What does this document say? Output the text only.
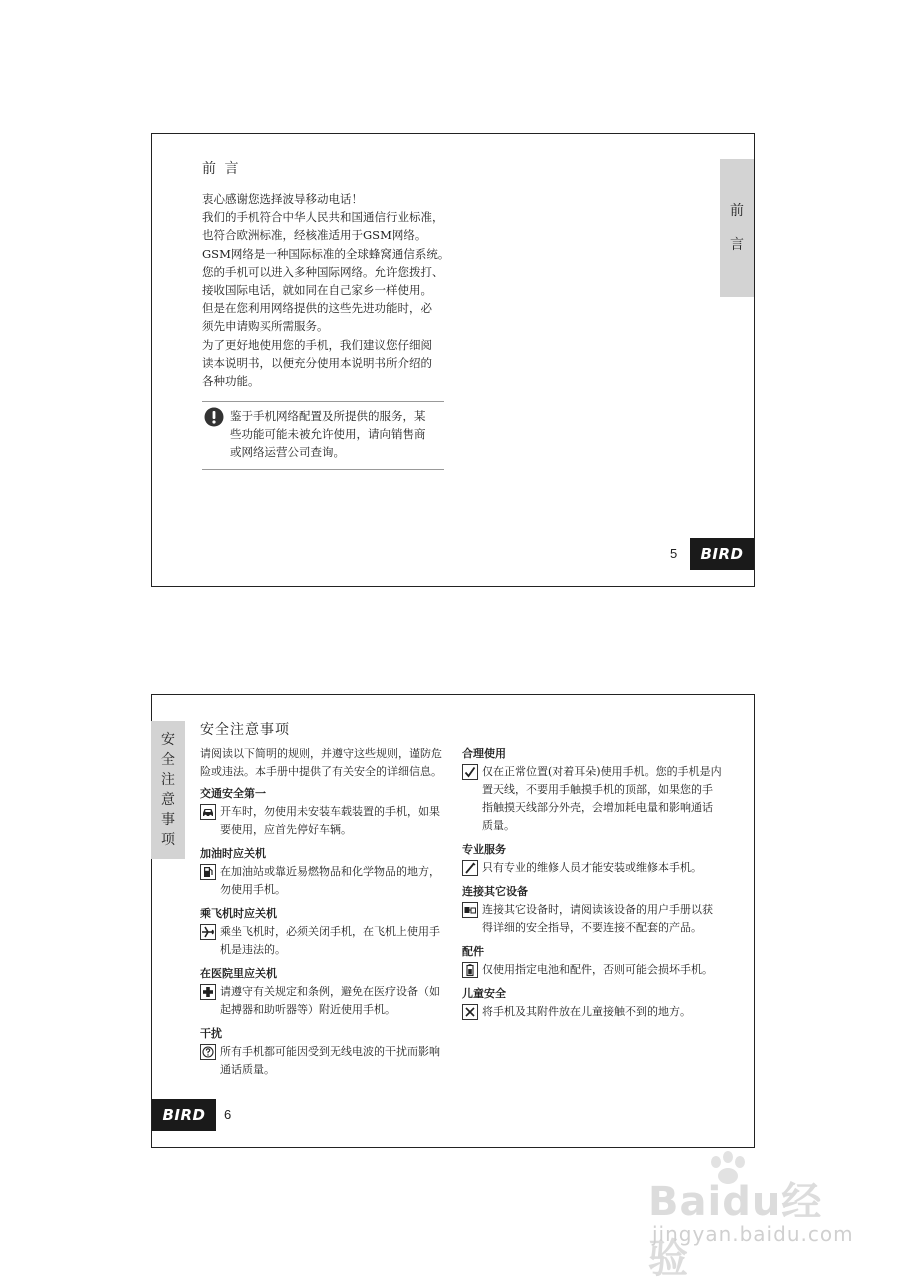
前
言
前 言

衷心感谢您选择波导移动电话！

我们的手机符合中华人民共和国通信行业标准，

也符合欧洲标准，经核准适用于GSM网络。

GSM网络是一种国际标准的全球蜂窝通信系统。

您的手机可以进入多种国际网络。允许您拨打、

接收国际电话，就如同在自己家乡一样使用。

但是在您利用网络提供的这些先进功能时，必

须先申请购买所需服务。

为了更好地使用您的手机，我们建议您仔细阅

读本说明书，以便充分使用本说明书所介绍的

各种功能。

鉴于手机网络配置及所提供的服务，某
些功能可能未被允许使用，请向销售商
或网络运营公司查询。
5	BIRD
安
全
注
意
事
项
安全注意事项

请阅读以下简明的规则，并遵守这些规则，谨防危险或违法。本手册中提供了有关安全的详细信息。

交通安全第一
开车时，勿使用未安装车载装置的手机，如果要使用，应首先停好车辆。
加油时应关机
在加油站或靠近易燃物品和化学物品的地方，勿使用手机。
乘飞机时应关机
乘坐飞机时，必须关闭手机，在飞机上使用手机是违法的。
在医院里应关机
请遵守有关规定和条例，避免在医疗设备（如起搏器和助听器等）附近使用手机。
干扰
所有手机都可能因受到无线电波的干扰而影响通话质量。
合理使用
仅在正常位置(对着耳朵)使用手机。您的手机是内置天线，不要用手触摸手机的顶部，如果您的手指触摸天线部分外壳，会增加耗电量和影响通话质量。
专业服务
只有专业的维修人员才能安装或维修本手机。
连接其它设备
连接其它设备时，请阅读该设备的用户手册以获得详细的安全指导，不要连接不配套的产品。
配件
仅使用指定电池和配件，否则可能会损坏手机。
儿童安全
将手机及其附件放在儿童接触不到的地方。
BIRD	6
Baidu经验
jingyan.baidu.com
